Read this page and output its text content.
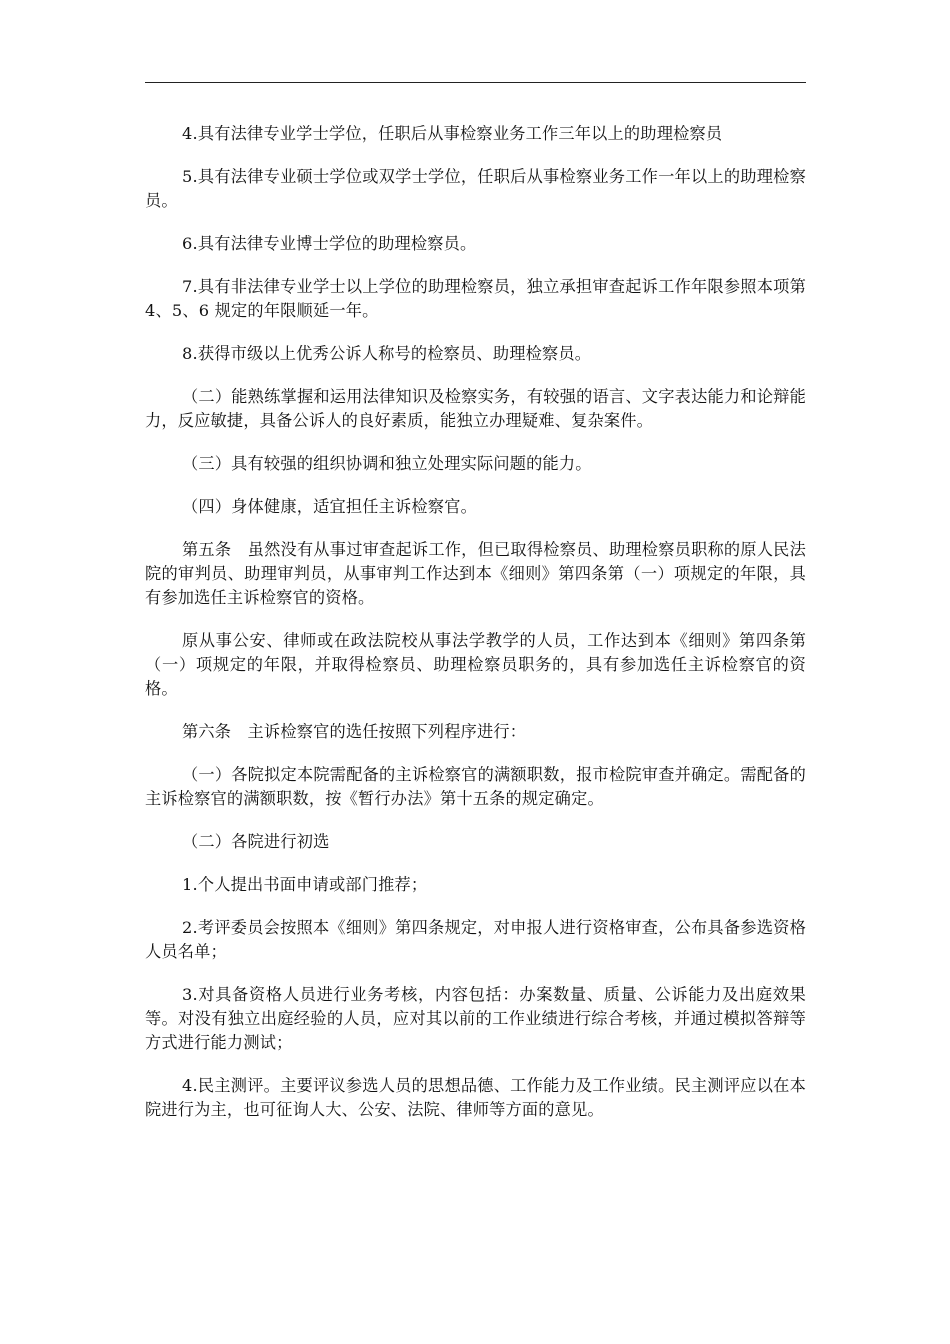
4.具有法律专业学士学位，任职后从事检察业务工作三年以上的助理检察员

5.具有法律专业硕士学位或双学士学位，任职后从事检察业务工作一年以上的助理检察员。

6.具有法律专业博士学位的助理检察员。

7.具有非法律专业学士以上学位的助理检察员，独立承担审查起诉工作年限参照本项第 4、5、6 规定的年限顺延一年。

8.获得市级以上优秀公诉人称号的检察员、助理检察员。

（二）能熟练掌握和运用法律知识及检察实务，有较强的语言、文字表达能力和论辩能力，反应敏捷，具备公诉人的良好素质，能独立办理疑难、复杂案件。

（三）具有较强的组织协调和独立处理实际问题的能力。

（四）身体健康，适宜担任主诉检察官。

第五条　虽然没有从事过审查起诉工作，但已取得检察员、助理检察员职称的原人民法院的审判员、助理审判员，从事审判工作达到本《细则》第四条第（一）项规定的年限，具有参加选任主诉检察官的资格。

原从事公安、律师或在政法院校从事法学教学的人员，工作达到本《细则》第四条第（一）项规定的年限，并取得检察员、助理检察员职务的，具有参加选任主诉检察官的资格。

第六条　主诉检察官的选任按照下列程序进行：

（一）各院拟定本院需配备的主诉检察官的满额职数，报市检院审查并确定。需配备的主诉检察官的满额职数，按《暂行办法》第十五条的规定确定。

（二）各院进行初选

1.个人提出书面申请或部门推荐；

2.考评委员会按照本《细则》第四条规定，对申报人进行资格审查，公布具备参选资格人员名单；

3.对具备资格人员进行业务考核，内容包括：办案数量、质量、公诉能力及出庭效果等。对没有独立出庭经验的人员，应对其以前的工作业绩进行综合考核，并通过模拟答辩等方式进行能力测试；

4.民主测评。主要评议参选人员的思想品德、工作能力及工作业绩。民主测评应以在本院进行为主，也可征询人大、公安、法院、律师等方面的意见。
